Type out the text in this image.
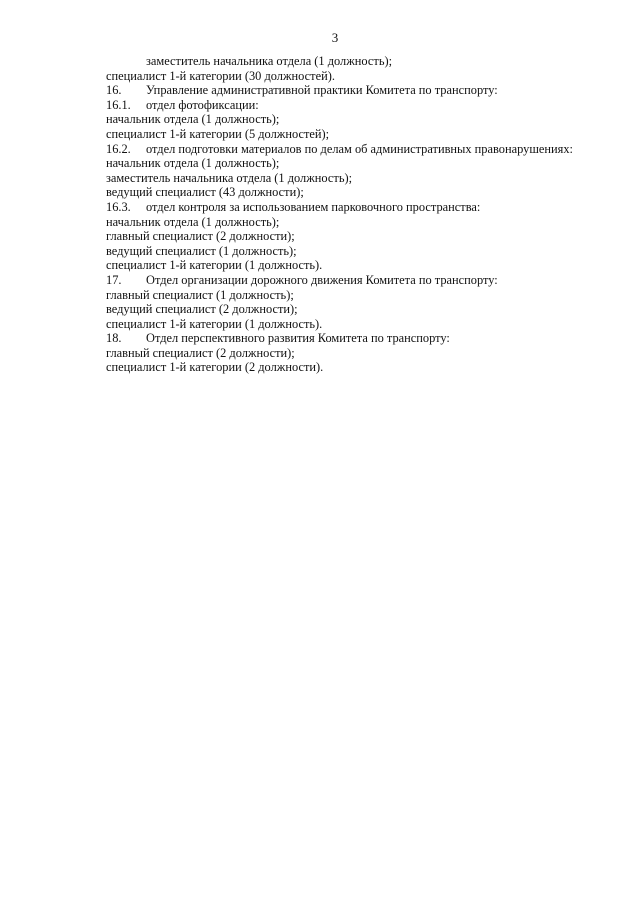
3
заместитель начальника отдела (1 должность);
специалист 1-й категории (30 должностей).
16. Управление административной практики Комитета по транспорту:
16.1. отдел фотофиксации:
начальник отдела (1 должность);
специалист 1-й категории (5 должностей);
16.2. отдел подготовки материалов по делам об административных правонарушениях:
начальник отдела (1 должность);
заместитель начальника отдела (1 должность);
ведущий специалист (43 должности);
16.3. отдел контроля за использованием парковочного пространства:
начальник отдела (1 должность);
главный специалист (2 должности);
ведущий специалист (1 должность);
специалист 1-й категории (1 должность).
17. Отдел организации дорожного движения Комитета по транспорту:
главный специалист (1 должность);
ведущий специалист (2 должности);
специалист 1-й категории (1 должность).
18. Отдел перспективного развития Комитета по транспорту:
главный специалист (2 должности);
специалист 1-й категории (2 должности).
